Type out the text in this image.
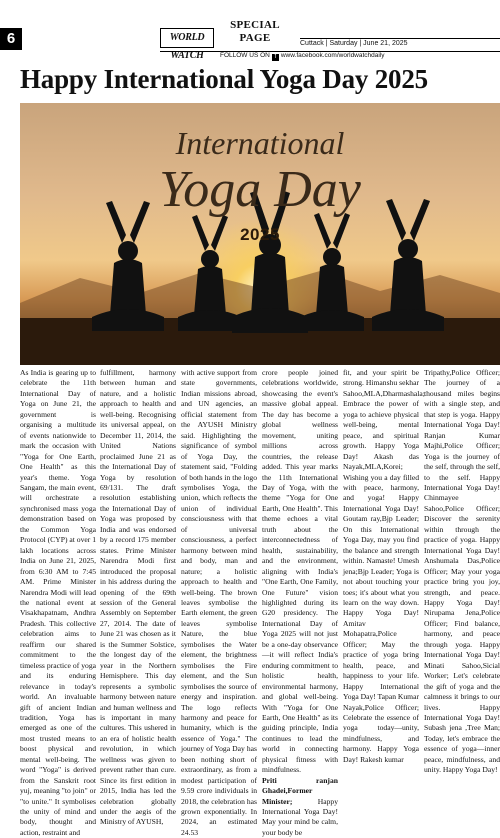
6	WORLD WATCH
SPECIAL
PAGE	Cuttack | Saturday | June 21, 2025
FOLLOW US ON f www.facebook.com/worldwatchdaily
Happy International Yoga Day 2025
International
Yoga Day
2025

As India is gearing up to celebrate the 11th International Day of Yoga on June 21, the government is organising a multitude of events nationwide to mark the occasion with "Yoga for One Earth, One Health" as this year's theme. Yoga Sangam, the main event, will orchestrate a synchronised mass yoga demonstration based on the Common Yoga Protocol (CYP) at over 1 lakh locations across India on June 21, 2025, from 6:30 AM to 7:45 AM. Prime Minister Narendra Modi will lead the national event at Visakhapatnam, Andhra Pradesh. This collective celebration aims to reaffirm our shared commitment to the timeless practice of yoga and its enduring relevance in today's world. An invaluable gift of ancient Indian tradition, Yoga has emerged as one of the most trusted means to boost physical and mental well-being. The word "Yoga" is derived from the Sanskrit root yuj, meaning "to join" or "to unite." It symbolises the unity of mind and body, thought and action, restraint and

fulfillment, harmony between human and nature, and a holistic approach to health and well-being. Recognising its universal appeal, on December 11, 2014, the United Nations proclaimed June 21 as the International Day of Yoga by resolution 69/131. The draft resolution establishing the International Day of Yoga was proposed by India and was endorsed by a record 175 member states. Prime Minister Narendra Modi first introduced the proposal in his address during the opening of the 69th session of the General Assembly on September 27, 2014. The date of June 21 was chosen as it is the Summer Solstice, the longest day of the year in the Northern Hemisphere. This day represents a symbolic harmony between nature and human wellness and is important in many cultures. This ushered in an era of holistic health revolution, in which wellness was given to prevent rather than cure. Since its first edition in 2015, India has led the celebration globally under the aegis of the Ministry of AYUSH,

with active support from state governments, Indian missions abroad, and UN agencies, an official statement from the AYUSH Ministry said. Highlighting the significance of symbol of Yoga Day, the statement said, "Folding of both hands in the logo symbolises Yoga, the union, which reflects the union of individual consciousness with that of universal consciousness, a perfect harmony between mind and body, man and nature; a holistic approach to health and well-being. The brown leaves symbolise the Earth element, the green leaves symbolise Nature, the blue symbolises the Water element, the brightness symbolises the Fire element, and the Sun symbolises the source of energy and inspiration. The logo reflects harmony and peace for humanity, which is the essence of Yoga." The journey of Yoga Day has been nothing short of extraordinary, as from a modest participation of 9.59 crore individuals in 2018, the celebration has grown exponentially. In 2024, an estimated 24.53

crore people joined celebrations worldwide, showcasing the event's massive global appeal. The day has become a global wellness movement, uniting millions across countries, the release added. This year marks the 11th International Day of Yoga, with the theme "Yoga for One Earth, One Health". This theme echoes a vital truth about the interconnectedness of health, sustainability, and the environment, aligning with India's "One Earth, One Family, One Future" vision highlighted during its G20 presidency. The International Day of Yoga 2025 will not just be a one-day observance—it will reflect India's enduring commitment to holistic health, environmental harmony, and global well-being. With "Yoga for One Earth, One Health" as its guiding principle, India continues to lead the world in connecting physical fitness with mindfulness.

Priti ranjan Ghadei,Former Minister;	Happy International Yoga Day! May your mind be calm, your body be

fit, and your spirit be strong. Himanshu sekhar Sahoo,MLA,Dharmashala; Embrace the power of yoga to achieve physical well-being, mental peace, and spiritual growth. Happy Yoga Day! Akash das Nayak,MLA,Korei; Wishing you a day filled with peace, harmony, and yoga! Happy International Yoga Day! Goutam ray,Bjp Leader; On this International Yoga Day, may you find the balance and strength within. Namaste! Umesh jena;Bjp Leader; Yoga is not about touching your toes; it's about what you learn on the way down. Happy Yoga Day! Amitav Mohapatra,Police Officer; May the practice of yoga bring health, peace, and happiness to your life. Happy International Yoga Day! Tapan Kumar Nayak,Police Officer; Celebrate the essence of yoga today—unity, mindfulness, and harmony. Happy Yoga Day! Rakesh kumar

Tripathy,Police Officer; The journey of a thousand miles begins with a single step, and that step is yoga. Happy International Yoga Day! Ranjan Kumar Majhi,Police Officer; Yoga is the journey of the self, through the self, to the self. Happy International Yoga Day! Chinmayee Sahoo,Police Officer; Discover the serenity within through the practice of yoga. Happy International Yoga Day! Anshumala Das,Police Officer; May your yoga practice bring you joy, strength, and peace. Happy Yoga Day! Nirupama Jena,Police Officer; Find balance, harmony, and peace through yoga. Happy International Yoga Day! Minati Sahoo,Sicial Worker; Let's celebrate the gift of yoga and the calmness it brings to our lives. Happy International Yoga Day! Subash jena ,Tree Man; Today, let's embrace the essence of yoga—inner peace, mindfulness, and unity. Happy Yoga Day!
